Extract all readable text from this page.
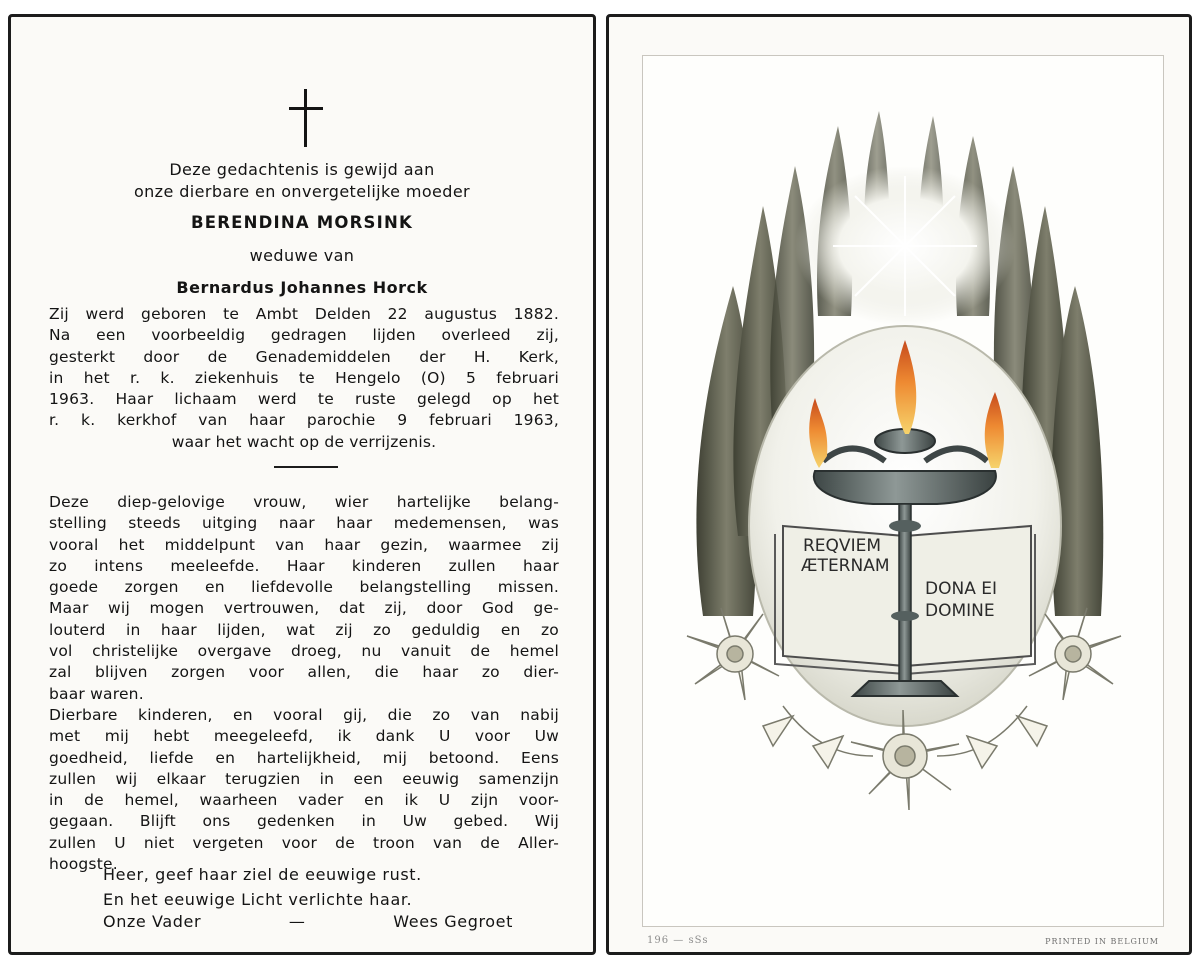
Deze gedachtenis is gewijd aan
onze dierbare en onvergetelijke moeder
BERENDINA MORSINK
weduwe van
Bernardus Johannes Horck
Zij werd geboren te Ambt Delden 22 augustus 1882.
Na een voorbeeldig gedragen lijden overleed zij,
gesterkt door de Genademiddelen der H. Kerk,
in het r. k. ziekenhuis te Hengelo (O) 5 februari
1963. Haar lichaam werd te ruste gelegd op het
r. k. kerkhof van haar parochie 9 februari 1963,
waar het wacht op de verrijzenis.
Deze diep-gelovige vrouw, wier hartelijke belang-
stelling steeds uitging naar haar medemensen, was
vooral het middelpunt van haar gezin, waarmee zij
zo intens meeleefde. Haar kinderen zullen haar
goede zorgen en liefdevolle belangstelling missen.
Maar wij mogen vertrouwen, dat zij, door God ge-
louterd in haar lijden, wat zij zo geduldig en zo
vol christelijke overgave droeg, nu vanuit de hemel
zal blijven zorgen voor allen, die haar zo dier-
baar waren.
Dierbare kinderen, en vooral gij, die zo van nabij
met mij hebt meegeleefd, ik dank U voor Uw
goedheid, liefde en hartelijkheid, mij betoond. Eens
zullen wij elkaar terugzien in een eeuwig samenzijn
in de hemel, waarheen vader en ik U zijn voor-
gegaan. Blijft ons gedenken in Uw gebed. Wij
zullen U niet vergeten voor de troon van de Aller-
hoogste.
Heer, geef haar ziel de eeuwige rust.
En het eeuwige Licht verlichte haar.
Onze Vader	—	Wees Gegroet
REQVIEM
ÆTERNAM
DONA EI
DOMINE
196 — sSs	PRINTED IN BELGIUM
